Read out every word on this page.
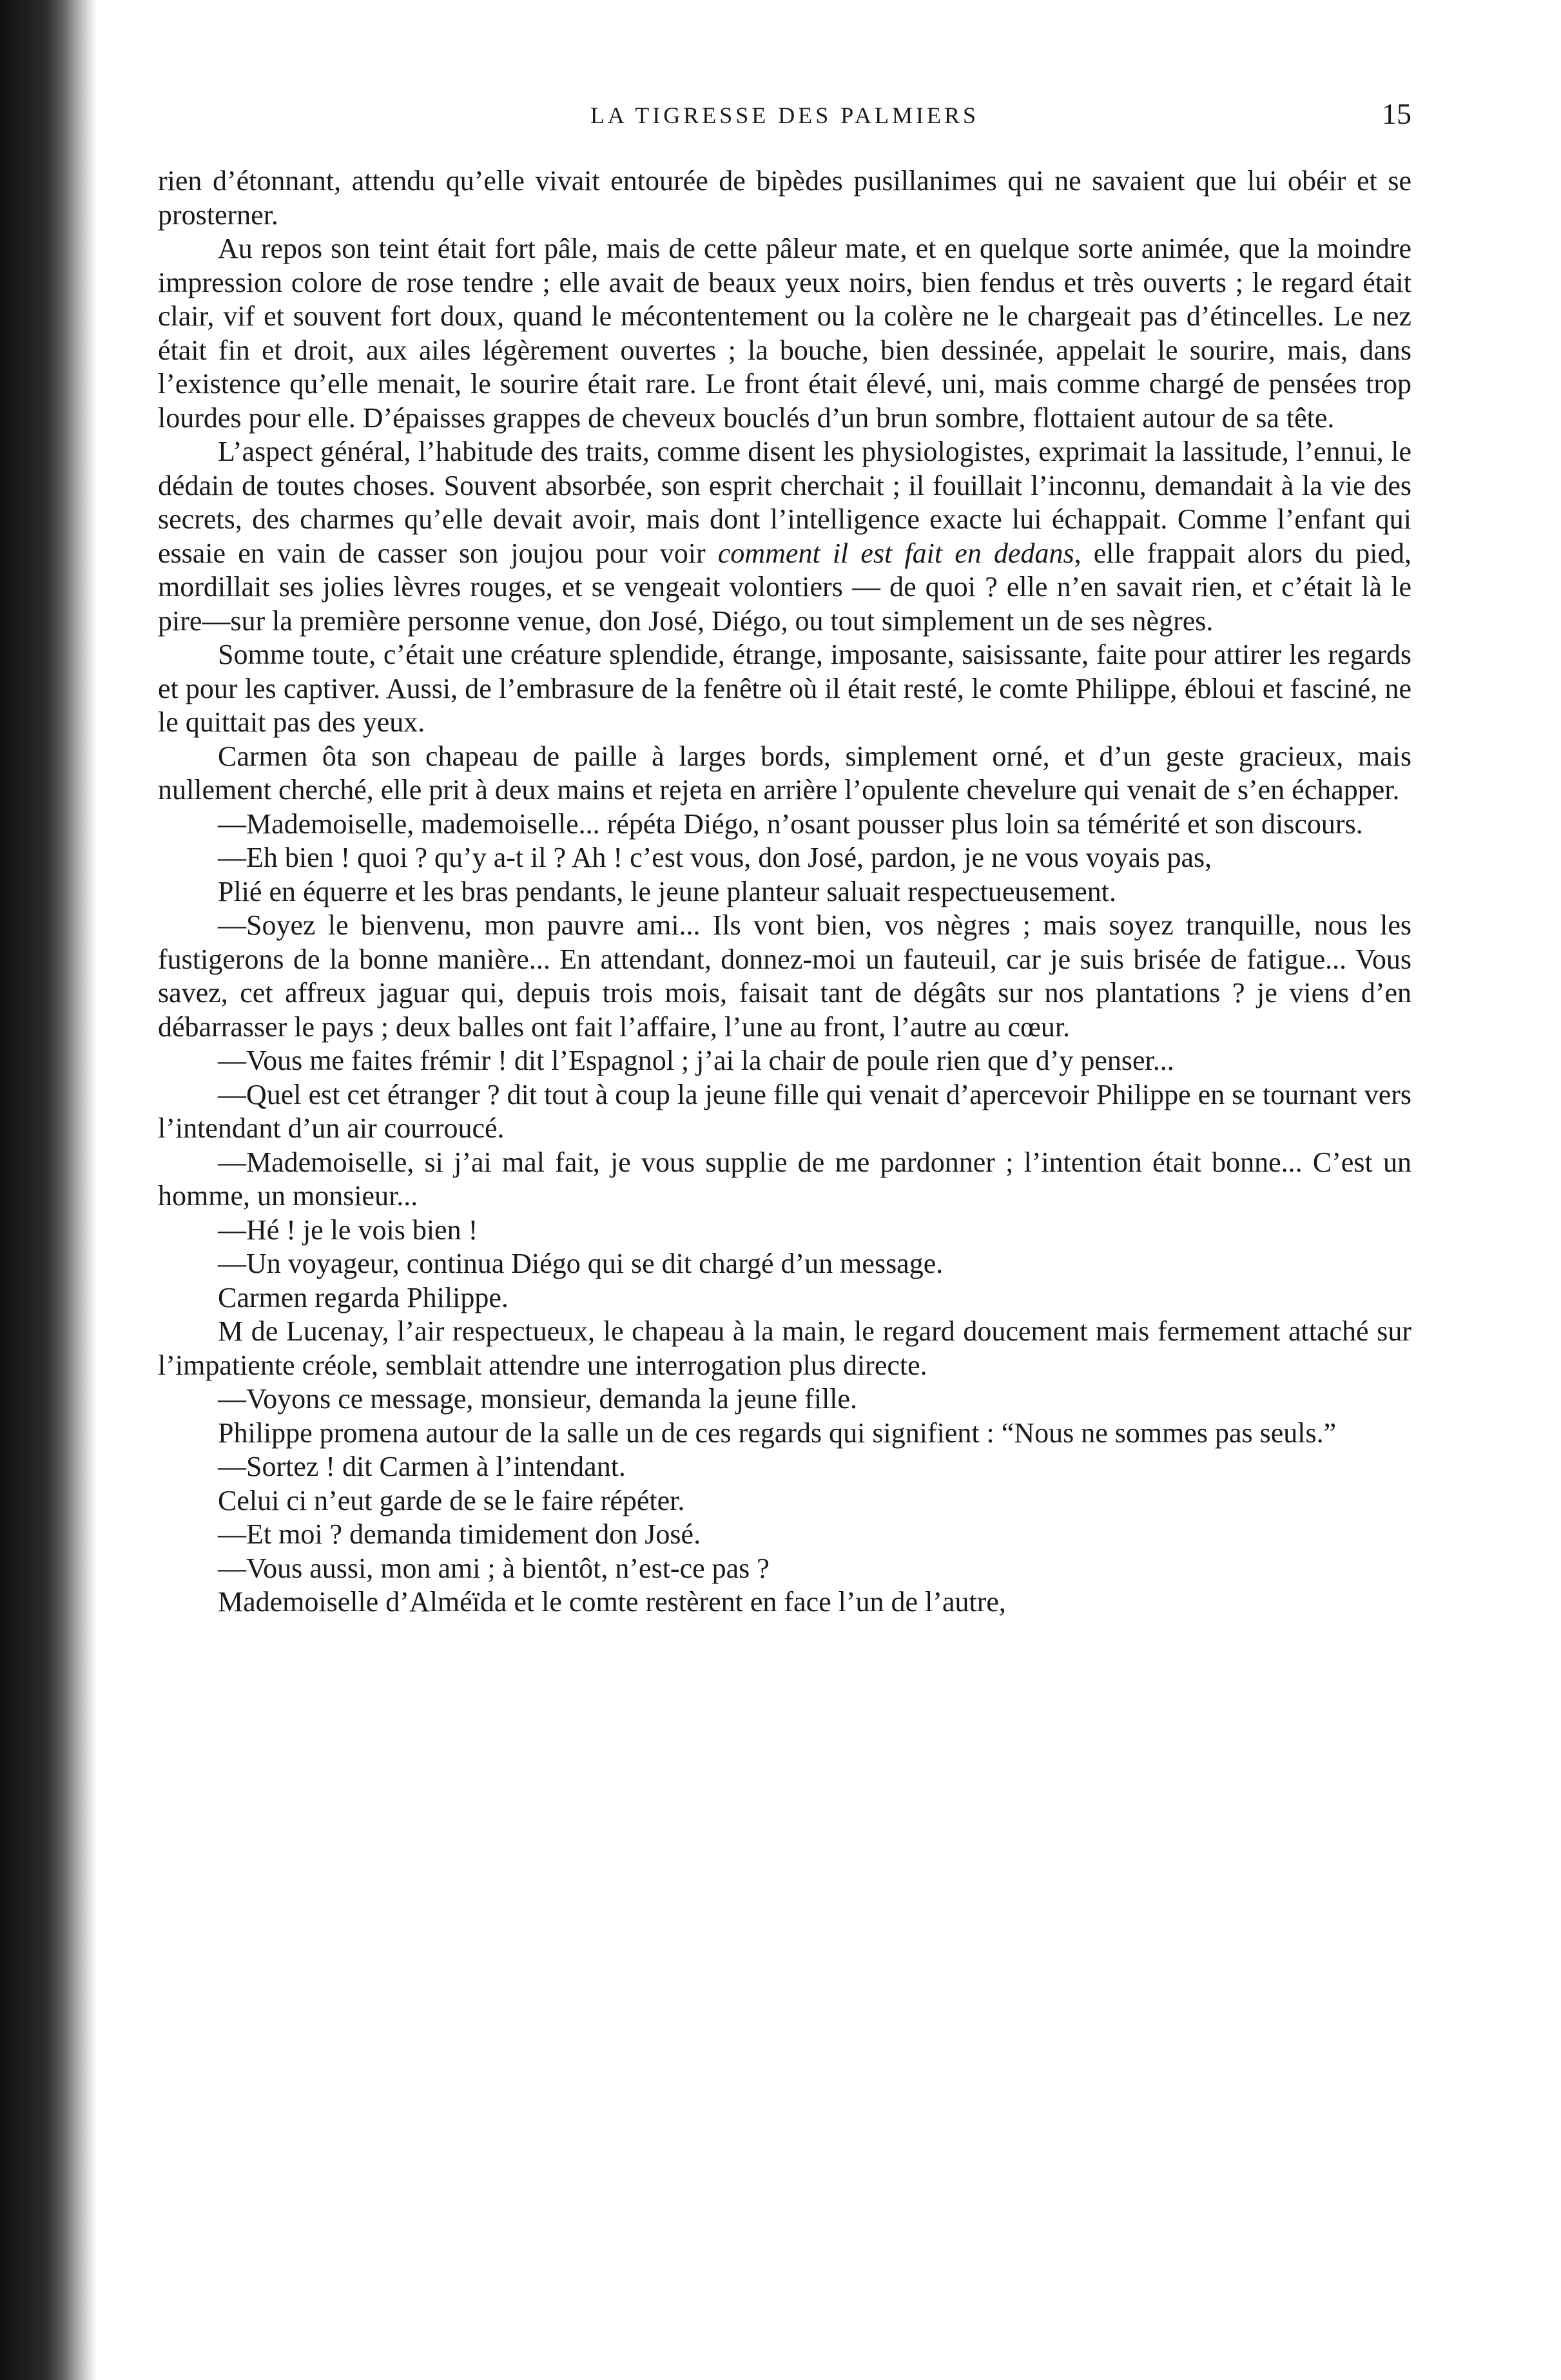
LA TIGRESSE DES PALMIERS	15

rien d’étonnant, attendu qu’elle vivait entourée de bipèdes pusillanimes qui ne savaient que lui obéir et se prosterner.

Au repos son teint était fort pâle, mais de cette pâleur mate, et en quelque sorte animée, que la moindre impression colore de rose tendre ; elle avait de beaux yeux noirs, bien fendus et très ouverts ; le regard était clair, vif et souvent fort doux, quand le mécontentement ou la colère ne le chargeait pas d’étincelles. Le nez était fin et droit, aux ailes légèrement ouvertes ; la bouche, bien dessinée, appelait le sourire, mais, dans l’existence qu’elle menait, le sourire était rare. Le front était élevé, uni, mais comme chargé de pensées trop lourdes pour elle. D’épaisses grappes de cheveux bouclés d’un brun sombre, flottaient autour de sa tête.

L’aspect général, l’habitude des traits, comme disent les physiologistes, exprimait la lassitude, l’ennui, le dédain de toutes choses. Souvent absorbée, son esprit cherchait ; il fouillait l’inconnu, demandait à la vie des secrets, des charmes qu’elle devait avoir, mais dont l’intelligence exacte lui échappait. Comme l’enfant qui essaie en vain de casser son joujou pour voir comment il est fait en dedans, elle frappait alors du pied, mordillait ses jolies lèvres rouges, et se vengeait volontiers — de quoi ? elle n’en savait rien, et c’était là le pire—sur la première personne venue, don José, Diégo, ou tout simplement un de ses nègres.

Somme toute, c’était une créature splendide, étrange, imposante, saisissante, faite pour attirer les regards et pour les captiver. Aussi, de l’embrasure de la fenêtre où il était resté, le comte Philippe, ébloui et fasciné, ne le quittait pas des yeux.

Carmen ôta son chapeau de paille à larges bords, simplement orné, et d’un geste gracieux, mais nullement cherché, elle prit à deux mains et rejeta en arrière l’opulente chevelure qui venait de s’en échapper.

—Mademoiselle, mademoiselle... répéta Diégo, n’osant pousser plus loin sa témérité et son discours.

—Eh bien ! quoi ? qu’y a-t il ? Ah ! c’est vous, don José, pardon, je ne vous voyais pas,

Plié en équerre et les bras pendants, le jeune planteur saluait respectueusement.

—Soyez le bienvenu, mon pauvre ami... Ils vont bien, vos nègres ; mais soyez tranquille, nous les fustigerons de la bonne manière... En attendant, donnez-moi un fauteuil, car je suis brisée de fatigue... Vous savez, cet affreux jaguar qui, depuis trois mois, faisait tant de dégâts sur nos plantations ? je viens d’en débarrasser le pays ; deux balles ont fait l’affaire, l’une au front, l’autre au cœur.

—Vous me faites frémir ! dit l’Espagnol ; j’ai la chair de poule rien que d’y penser...

—Quel est cet étranger ? dit tout à coup la jeune fille qui venait d’apercevoir Philippe en se tournant vers l’intendant d’un air courroucé.

—Mademoiselle, si j’ai mal fait, je vous supplie de me pardonner ; l’intention était bonne... C’est un homme, un monsieur...

—Hé ! je le vois bien !

—Un voyageur, continua Diégo qui se dit chargé d’un message.

Carmen regarda Philippe.

M de Lucenay, l’air respectueux, le chapeau à la main, le regard doucement mais fermement attaché sur l’impatiente créole, semblait attendre une interrogation plus directe.

—Voyons ce message, monsieur, demanda la jeune fille.

Philippe promena autour de la salle un de ces regards qui signifient : “Nous ne sommes pas seuls.”

—Sortez ! dit Carmen à l’intendant.

Celui ci n’eut garde de se le faire répéter.

—Et moi ? demanda timidement don José.

—Vous aussi, mon ami ; à bientôt, n’est-ce pas ?

Mademoiselle d’Alméïda et le comte restèrent en face l’un de l’autre,
